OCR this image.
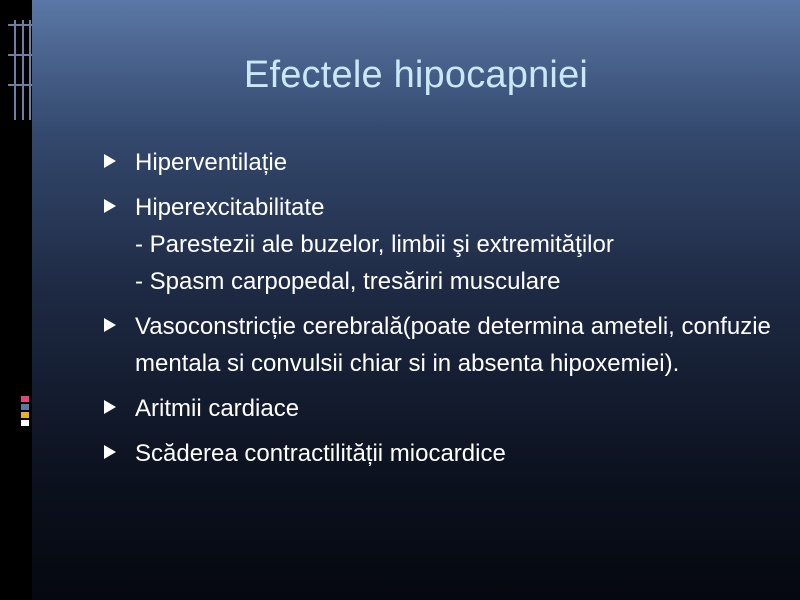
Efectele hipocapniei
Hiperventilație
Hiperexcitabilitate
- Parestezii ale buzelor, limbii şi extremităţilor
- Spasm carpopedal, tresăriri musculare
Vasoconstricție cerebrală(poate determina ameteli, confuzie mentala si convulsii chiar si in absenta hipoxemiei).
Aritmii cardiace
Scăderea contractilității miocardice
